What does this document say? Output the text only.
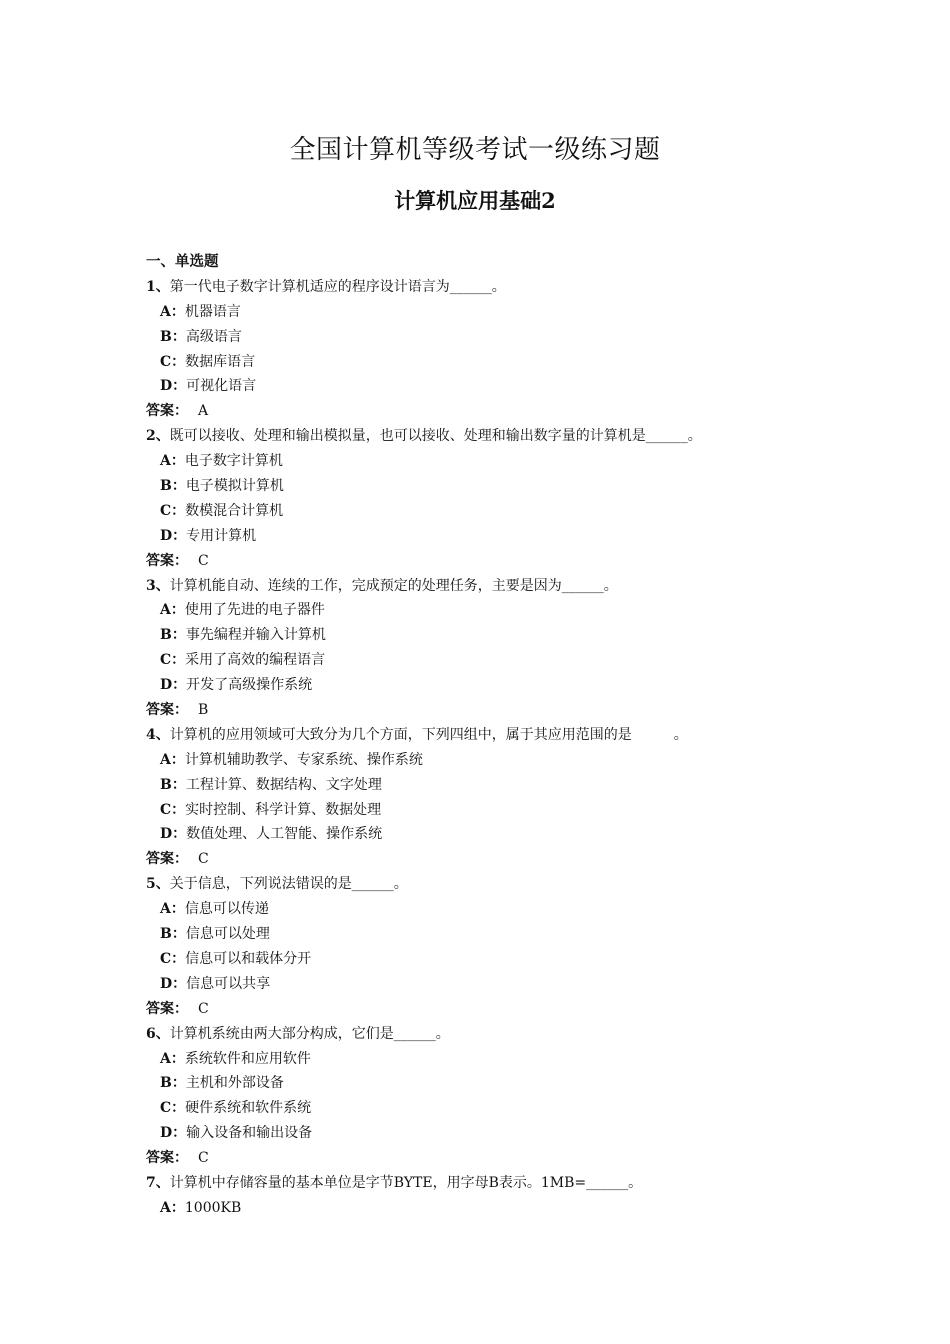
全国计算机等级考试一级练习题
计算机应用基础2
一、单选题
1、第一代电子数字计算机适应的程序设计语言为______。
A：机器语言
B：高级语言
C：数据库语言
D：可视化语言
答案： A
2、既可以接收、处理和输出模拟量，也可以接收、处理和输出数字量的计算机是______。
A：电子数字计算机
B：电子模拟计算机
C：数模混合计算机
D：专用计算机
答案： C
3、计算机能自动、连续的工作，完成预定的处理任务，主要是因为______。
A：使用了先进的电子器件
B：事先编程并输入计算机
C：采用了高效的编程语言
D：开发了高级操作系统
答案： B
4、计算机的应用领域可大致分为几个方面，下列四组中，属于其应用范围的是　　　。
A：计算机辅助教学、专家系统、操作系统
B：工程计算、数据结构、文字处理
C：实时控制、科学计算、数据处理
D：数值处理、人工智能、操作系统
答案： C
5、关于信息，下列说法错误的是______。
A：信息可以传递
B：信息可以处理
C：信息可以和载体分开
D：信息可以共享
答案： C
6、计算机系统由两大部分构成，它们是______。
A：系统软件和应用软件
B：主机和外部设备
C：硬件系统和软件系统
D：输入设备和输出设备
答案： C
7、计算机中存储容量的基本单位是字节BYTE，用字母B表示。1MB=______。
A：1000KB
